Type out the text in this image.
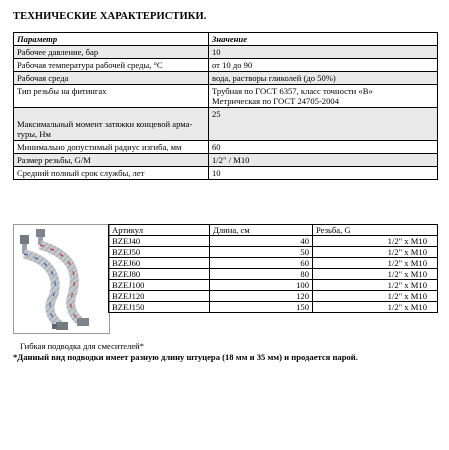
ТЕХНИЧЕСКИЕ ХАРАКТЕРИСТИКИ.
Параметр	Значение
Рабочее давление, бар	10
Рабочая температура рабочей среды, °С	от 10 до 90
Рабочая среда	вода, растворы гликолей (до 50%)
Тип резьбы на фитингах	Трубная по ГОСТ 6357, класс точности «В»
Метрическая по ГОСТ 24705-2004

Максимальный момент затяжки концевой арма-
туры, Нм	25
Минимально допустимый радиус изгиба, мм	60
Размер резьбы, G/M	1/2" / M10
Средний полный срок службы, лет	10
Артикул	Длина, см	Резьба, G
BZEJ40	40	1/2" x M10
BZEJ50	50	1/2" x M10
BZEJ60	60	1/2" x M10
BZEJ80	80	1/2" x M10
BZEJ100	100	1/2" x M10
BZEJ120	120	1/2" x M10
BZEJ150	150	1/2" x M10
Гибкая подводка для смесителей*
*Данный вид подводки имеет разную длину штуцера (18 мм и 35 мм) и продается парой.
